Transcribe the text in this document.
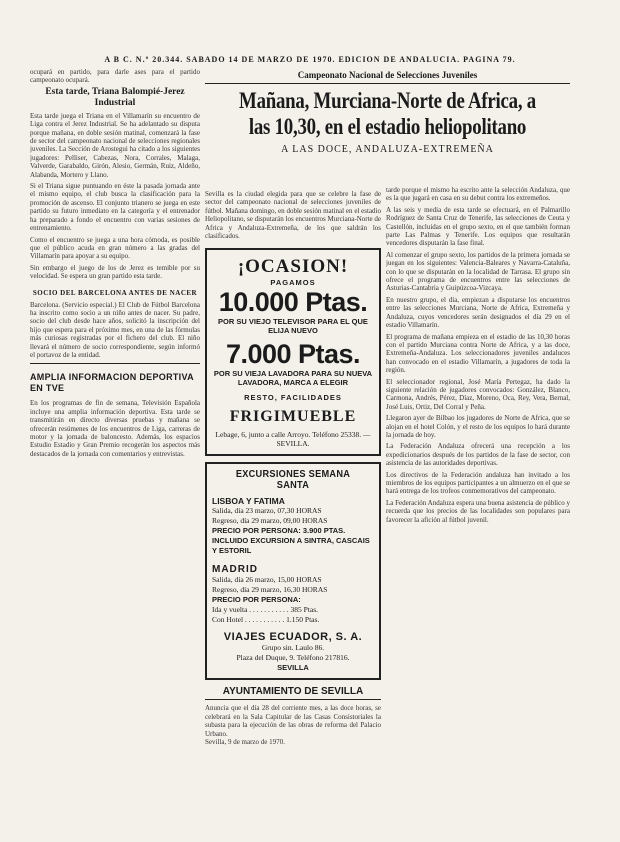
A B C. N.º 20.344. SABADO 14 DE MARZO DE 1970. EDICION DE ANDALUCIA. PAGINA 79.

ocupará en partido, para darle ases para el partido campeonato ocupará.

Esta tarde, Triana Balompié-Jerez Industrial

Esta tarde juega el Triana en el Villamarín su encuentro de Liga contra el Jerez Industrial. Se ha adelantado su disputa porque mañana, en doble sesión matinal, comenzará la fase de sector del campeonato nacional de selecciones regionales juveniles. La Sección de Arostegui ha citado a los siguientes jugadores: Pelliser, Cabezas, Nora, Corrales, Malaga, Valverde, Garabaldo, Girón, Alesio, Germán, Ruiz, Aldeño, Alabanda, Mortero y Llano.

Si el Triana sigue puntuando en éste la pasada jornada ante el mismo equipo, el club busca la clasificación para la promoción de ascenso. El conjunto trianero se juega en este partido su futuro inmediato en la categoría y el entrenador ha preparado a fondo el encuentro con varias sesiones de entrenamiento.

Como el encuentro se juega a una hora cómoda, es posible que el público acuda en gran número a las gradas del Villamarín para apoyar a su equipo.

Sin embargo el juego de los de Jerez es temible por su velocidad. Se espera un gran partido esta tarde.

SOCIO DEL BARCELONA ANTES DE NACER

Barcelona. (Servicio especial.) El Club de Fútbol Barcelona ha inscrito como socio a un niño antes de nacer. Su padre, socio del club desde hace años, solicitó la inscripción del hijo que espera para el próximo mes, en una de las fórmulas más curiosas registradas por el fichero del club. El niño llevará el número de socio correspondiente, según informó el portavoz de la entidad.

AMPLIA INFORMACION DEPORTIVA EN TVE

En los programas de fin de semana, Televisión Española incluye una amplia información deportiva. Esta tarde se transmitirán en directo diversas pruebas y mañana se ofrecerán resúmenes de los encuentros de Liga, carreras de motor y la jornada de baloncesto. Además, los espacios Estudio Estadio y Gran Premio recogerán los aspectos más destacados de la jornada con comentarios y entrevistas.

Campeonato Nacional de Selecciones Juveniles
Mañana, Murciana-Norte de Africa, a las 10,30, en el estadio heliopolitano
A LAS DOCE, ANDALUZA-EXTREMEÑA

Sevilla es la ciudad elegida para que se celebre la fase de sector del campeonato nacional de selecciones juveniles de fútbol. Mañana domingo, en doble sesión matinal en el estadio Heliopolitano, se disputarán los encuentros Murciana-Norte de Africa y Andaluza-Extremeña, de los que saldrán los clasificados.

¡OCASION!
PAGAMOS
10.000 Ptas.
POR SU VIEJO TELEVISOR PARA EL QUE ELIJA NUEVO
7.000 Ptas.
POR SU VIEJA LAVADORA PARA SU NUEVA LAVADORA, MARCA A ELEGIR
RESTO, FACILIDADES
FRIGIMUEBLE
Lebage, 6, junto a calle Arroyo. Teléfono 25338. — SEVILLA.
EXCURSIONES SEMANA SANTA
LISBOA Y FATIMA
Salida, día 23 marzo, 07,30 HORAS
Regreso, día 29 marzo, 09,00 HORAS
PRECIO POR PERSONA: 3.900 PTAS.
INCLUIDO EXCURSION A SINTRA, CASCAIS Y ESTORIL
MADRID
Salida, día 26 marzo, 15,00 HORAS
Regreso, día 29 marzo, 16,30 HORAS
PRECIO POR PERSONA:
Ida y vuelta . . . . . . . . . . . 385 Ptas.
Con Hotel . . . . . . . . . . . 1.150 Ptas.
VIAJES ECUADOR, S. A.
Grupo sin. Laulo 86.
Plaza del Duque, 9. Teléfono 217816.
SEVILLA
AYUNTAMIENTO DE SEVILLA

Anuncia que el día 28 del corriente mes, a las doce horas, se celebrará en la Sala Capitular de las Casas Consistoriales la subasta para la ejecución de las obras de reforma del Palacio Urbano.

Sevilla, 9 de marzo de 1970.

tarde porque el mismo ha escrito ante la selección Andaluza, que es la que jugará en casa en su debut contra los extremeños.

A las seis y media de esta tarde se efectuará, en el Palmarillo Rodríguez de Santa Cruz de Tenerife, las selecciones de Ceuta y Castellón, incluidas en el grupo sexto, en el que también forman parte Las Palmas y Tenerife. Los equipos que resultarán vencedores disputarán la fase final.

Al comenzar el grupo sexto, los partidos de la primera jornada se juegan en los siguientes: Valencia-Baleares y Navarra-Cataluña, con lo que se disputarán en la localidad de Tarrasa. El grupo sin ofrece el programa de encuentros entre las selecciones de Asturias-Cantabria y Guipúzcoa-Vizcaya.

En nuestro grupo, el día, empiezan a disputarse los encuentros entre las selecciones Murciana, Norte de Africa, Extremeña y Andaluza, cuyos vencedores serán designados el día 29 en el estadio Villamarín.

El programa de mañana empieza en el estadio de las 10,30 horas con el partido Murciana contra Norte de Africa, y a las doce, Extremeña-Andaluza. Los seleccionadores juveniles andaluces han convocado en el estadio Villamarín, a jugadores de toda la región.

El seleccionador regional, José María Pertegaz, ha dado la siguiente relación de jugadores convocados: González, Blanco, Carmona, Andrés, Pérez, Díaz, Moreno, Oca, Rey, Vera, Bernal, José Luis, Ortiz, Del Corral y Peña.

Llegaron ayer de Bilbao los jugadores de Norte de Africa, que se alojan en el hotel Colón, y el resto de los equipos lo hará durante la jornada de hoy.

La Federación Andaluza ofrecerá una recepción a los expedicionarios después de los partidos de la fase de sector, con asistencia de las autoridades deportivas.

Los directivos de la Federación andaluza han invitado a los miembros de los equipos participantes a un almuerzo en el que se hará entrega de los trofeos conmemorativos del campeonato.

La Federación Andaluza espera una buena asistencia de público y recuerda que los precios de las localidades son populares para favorecer la afición al fútbol juvenil.
